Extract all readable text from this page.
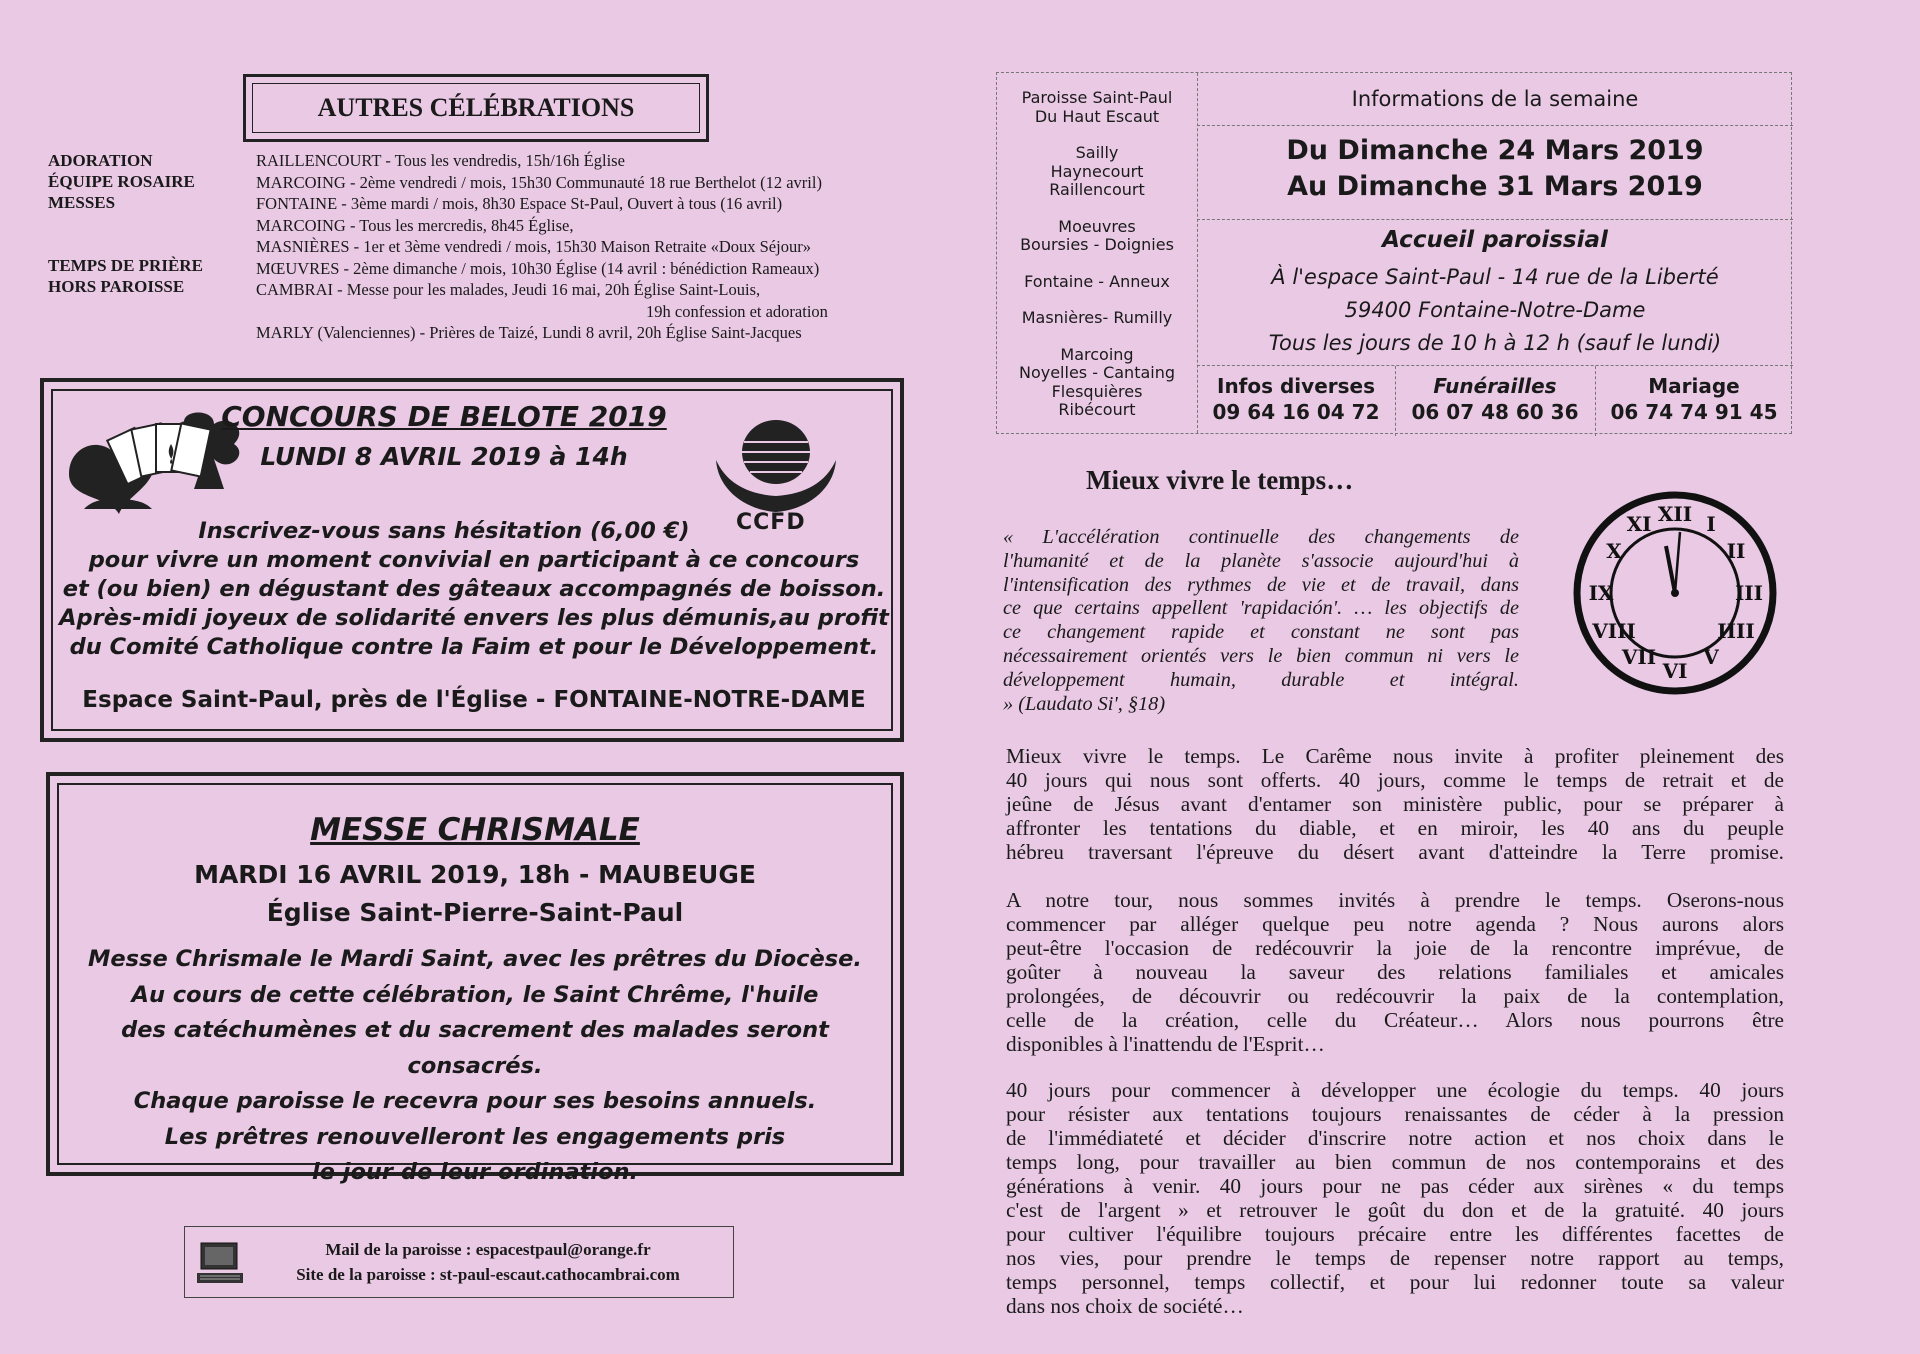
AUTRES CÉLÉBRATIONS
ADORATION
ÉQUIPE ROSAIRE
MESSES
TEMPS DE PRIÈRE
HORS PAROISSE
RAILLENCOURT - Tous les vendredis, 15h/16h Église
MARCOING - 2ème vendredi / mois, 15h30 Communauté 18 rue Berthelot (12 avril)
FONTAINE - 3ème mardi / mois, 8h30 Espace St-Paul, Ouvert à tous (16 avril)
MARCOING - Tous les mercredis, 8h45 Église,
MASNIÈRES - 1er et 3ème vendredi / mois, 15h30 Maison Retraite «Doux Séjour»
MŒUVRES - 2ème dimanche / mois, 10h30 Église (14 avril : bénédiction Rameaux)
CAMBRAI - Messe pour les malades, Jeudi 16 mai, 20h Église Saint-Louis,
19h confession et adoration
MARLY (Valenciennes) - Prières de Taizé, Lundi 8 avril, 20h Église Saint-Jacques
CONCOURS DE BELOTE 2019
LUNDI 8 AVRIL 2019 à 14h
CCFD
Inscrivez-vous sans hésitation (6,00 €)
pour vivre un moment convivial en participant à ce concours
et (ou bien) en dégustant des gâteaux accompagnés de boisson.
Après-midi joyeux de solidarité envers les plus démunis,au profit
du Comité Catholique contre la Faim et pour le Développement.
Espace Saint-Paul, près de l'Église - FONTAINE-NOTRE-DAME
MESSE CHRISMALE
MARDI 16 AVRIL 2019, 18h - MAUBEUGE
Église Saint-Pierre-Saint-Paul
Messe Chrismale le Mardi Saint, avec les prêtres du Diocèse.
Au cours de cette célébration, le Saint Chrême, l'huile
des catéchumènes et du sacrement des malades seront consacrés.
Chaque paroisse le recevra pour ses besoins annuels.
Les prêtres renouvelleront les engagements pris
le jour de leur ordination.
Mail de la paroisse : espacestpaul@orange.fr
Site de la paroisse : st-paul-escaut.cathocambrai.com
Paroisse Saint-Paul
Du Haut Escaut
Sailly
Haynecourt
Raillencourt
Moeuvres
Boursies - Doignies
Fontaine - Anneux
Masnières- Rumilly
Marcoing
Noyelles - Cantaing
Flesquières
Ribécourt
Informations de la semaine
Du Dimanche 24 Mars 2019
Au Dimanche 31 Mars 2019
Accueil paroissial
À l'espace Saint-Paul - 14 rue de la Liberté
59400 Fontaine-Notre-Dame
Tous les jours de 10 h à 12 h (sauf le lundi)
Infos diverses
09 64 16 04 72
Funérailles
06 07 48 60 36
Mariage
06 74 74 91 45
Mieux vivre le temps…
« L'accélération continuelle des changements de
l'humanité et de la planète s'associe aujourd'hui à
l'intensification des rythmes de vie et de travail, dans
ce que certains appellent 'rapidación'. … les objectifs de
ce changement rapide et constant ne sont pas
nécessairement orientés vers le bien commun ni vers le
développement humain, durable et intégral.
» (Laudato Si', §18)
XII I
II
III
IIII
V
VI
VII
VIII
IX
X
XI
Mieux vivre le temps. Le Carême nous invite à profiter pleinement des
40 jours qui nous sont offerts. 40 jours, comme le temps de retrait et de
jeûne de Jésus avant d'entamer son ministère public, pour se préparer à
affronter les tentations du diable, et en miroir, les 40 ans du peuple
hébreu traversant l'épreuve du désert avant d'atteindre la Terre promise.
A notre tour, nous sommes invités à prendre le temps. Oserons-nous
commencer par alléger quelque peu notre agenda ? Nous aurons alors
peut-être l'occasion de redécouvrir la joie de la rencontre imprévue, de
goûter à nouveau la saveur des relations familiales et amicales
prolongées, de découvrir ou redécouvrir la paix de la contemplation,
celle de la création, celle du Créateur… Alors nous pourrons être
disponibles à l'inattendu de l'Esprit…
40 jours pour commencer à développer une écologie du temps. 40 jours
pour résister aux tentations toujours renaissantes de céder à la pression
de l'immédiateté et décider d'inscrire notre action et nos choix dans le
temps long, pour travailler au bien commun de nos contemporains et des
générations à venir. 40 jours pour ne pas céder aux sirènes « du temps
c'est de l'argent » et retrouver le goût du don et de la gratuité. 40 jours
pour cultiver l'équilibre toujours précaire entre les différentes facettes de
nos vies, pour prendre le temps de repenser notre rapport au temps,
temps personnel, temps collectif, et pour lui redonner toute sa valeur
dans nos choix de société…
